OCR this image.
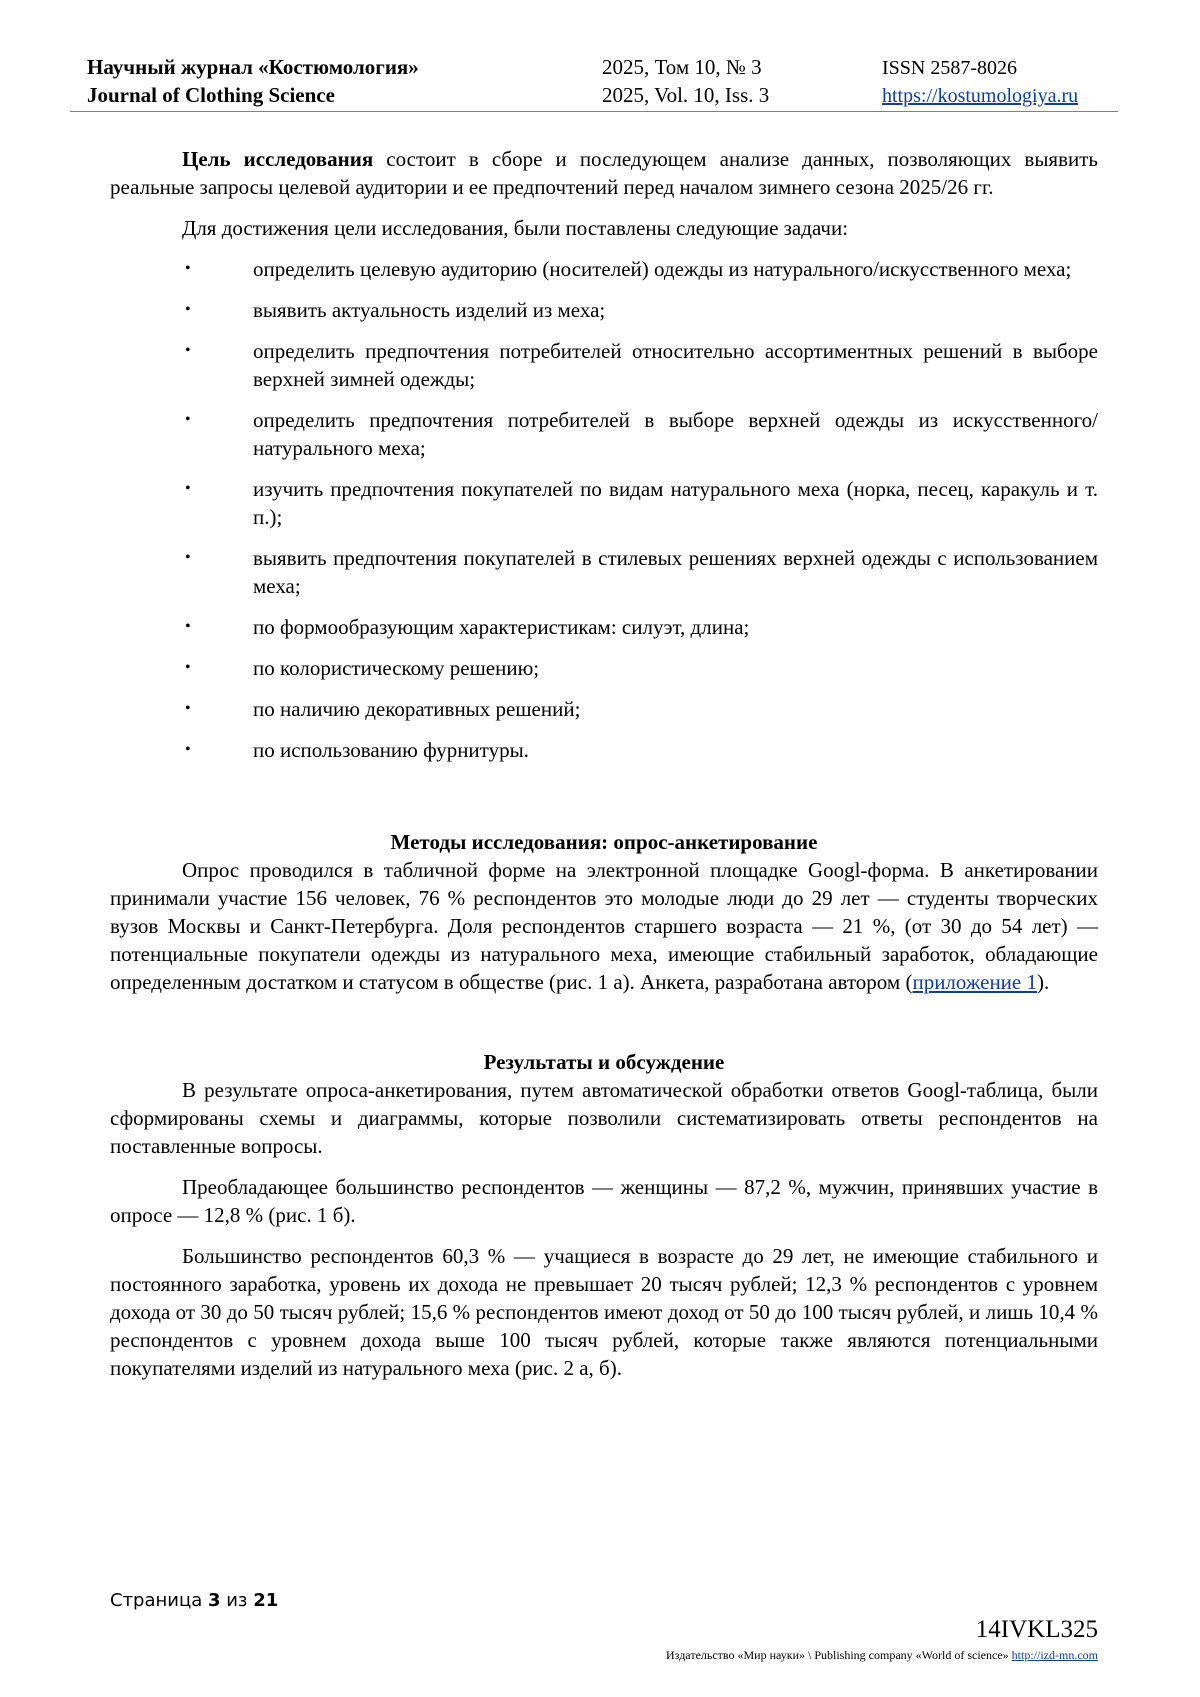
Научный журнал «Костюмология»
Journal of Clothing Science
2025, Том 10, № 3
2025, Vol. 10, Iss. 3
ISSN 2587-8026
https://kostumologiya.ru

Цель исследования состоит в сборе и последующем анализе данных, позволяющих выявить реальные запросы целевой аудитории и ее предпочтений перед началом зимнего сезона 2025/26 гг.

Для достижения цели исследования, были поставлены следующие задачи:

•	определить целевую аудиторию (носителей) одежды из натурального/искусственного меха;
•	выявить актуальность изделий из меха;
•	определить предпочтения потребителей относительно ассортиментных решений в выборе верхней зимней одежды;
•	определить предпочтения потребителей в выборе верхней одежды из искусственного/натурального меха;
•	изучить предпочтения покупателей по видам натурального меха (норка, песец, каракуль и т. п.);
•	выявить предпочтения покупателей в стилевых решениях верхней одежды с использованием меха;
•	по формообразующим характеристикам: силуэт, длина;
•	по колористическому решению;
•	по наличию декоративных решений;
•	по использованию фурнитуры.

Методы исследования: опрос-анкетирование

Опрос проводился в табличной форме на электронной площадке Googl-форма. В анкетировании принимали участие 156 человек, 76 % респондентов это молодые люди до 29 лет — студенты творческих вузов Москвы и Санкт-Петербурга. Доля респондентов старшего возраста — 21 %, (от 30 до 54 лет) — потенциальные покупатели одежды из натурального меха, имеющие стабильный заработок, обладающие определенным достатком и статусом в обществе (рис. 1 а). Анкета, разработана автором (приложение 1).

Результаты и обсуждение

В результате опроса-анкетирования, путем автоматической обработки ответов Googl-таблица, были сформированы схемы и диаграммы, которые позволили систематизировать ответы респондентов на поставленные вопросы.

Преобладающее большинство респондентов — женщины — 87,2 %, мужчин, принявших участие в опросе — 12,8 % (рис. 1 б).

Большинство респондентов 60,3 % — учащиеся в возрасте до 29 лет, не имеющие стабильного и постоянного заработка, уровень их дохода не превышает 20 тысяч рублей; 12,3 % респондентов с уровнем дохода от 30 до 50 тысяч рублей; 15,6 % респондентов имеют доход от 50 до 100 тысяч рублей, и лишь 10,4 % респондентов с уровнем дохода выше 100 тысяч рублей, которые также являются потенциальными покупателями изделий из натурального меха (рис. 2 а, б).

Страница 3 из 21
14IVKL325
Издательство «Мир науки» \ Publishing company «World of science» http://izd-mn.com
